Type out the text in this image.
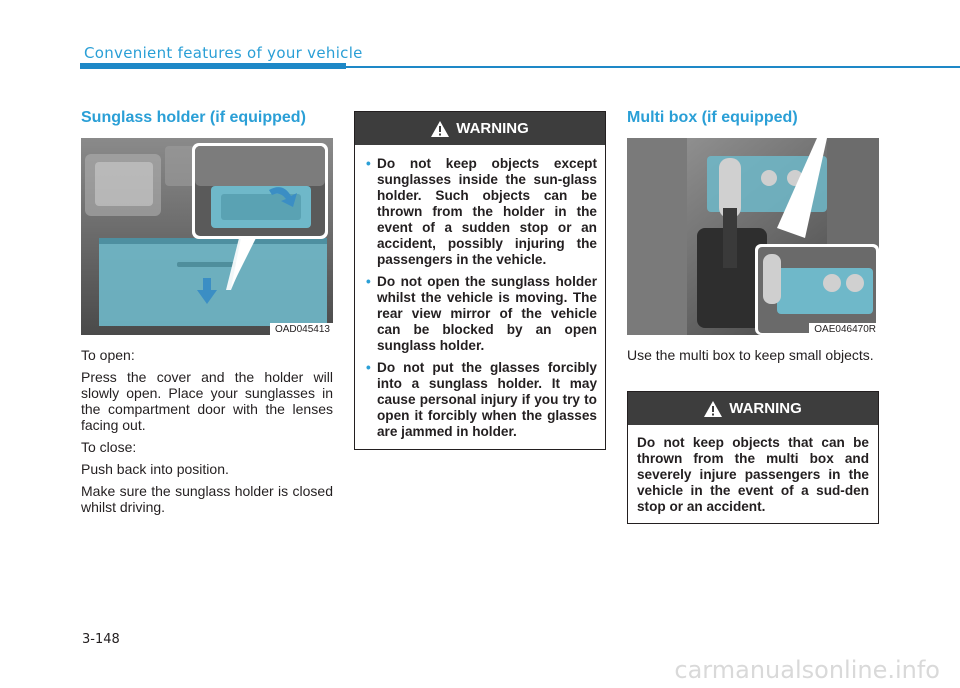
Convenient features of your vehicle
Sunglass holder (if equipped)
OAD045413

To open:

Press the cover and the holder will slowly open. Place your sunglasses in the compartment door with the lenses facing out.

To close:

Push back into position.

Make sure the sunglass holder is closed whilst driving.

WARNING
• Do not keep objects except sunglasses inside the sun-glass holder. Such objects can be thrown from the holder in the event of a sudden stop or an accident, possibly injuring the passengers in the vehicle.
• Do not open the sunglass holder whilst the vehicle is moving. The rear view mirror of the vehicle can be blocked by an open sunglass holder.
• Do not put the glasses forcibly into a sunglass holder. It may cause personal injury if you try to open it forcibly when the glasses are jammed in holder.
Multi box (if equipped)
OAE046470R

Use the multi box to keep small objects.

WARNING
Do not keep objects that can be thrown from the multi box and severely injure passengers in the vehicle in the event of a sud-den stop or an accident.
3-148
carmanualsonline.info
